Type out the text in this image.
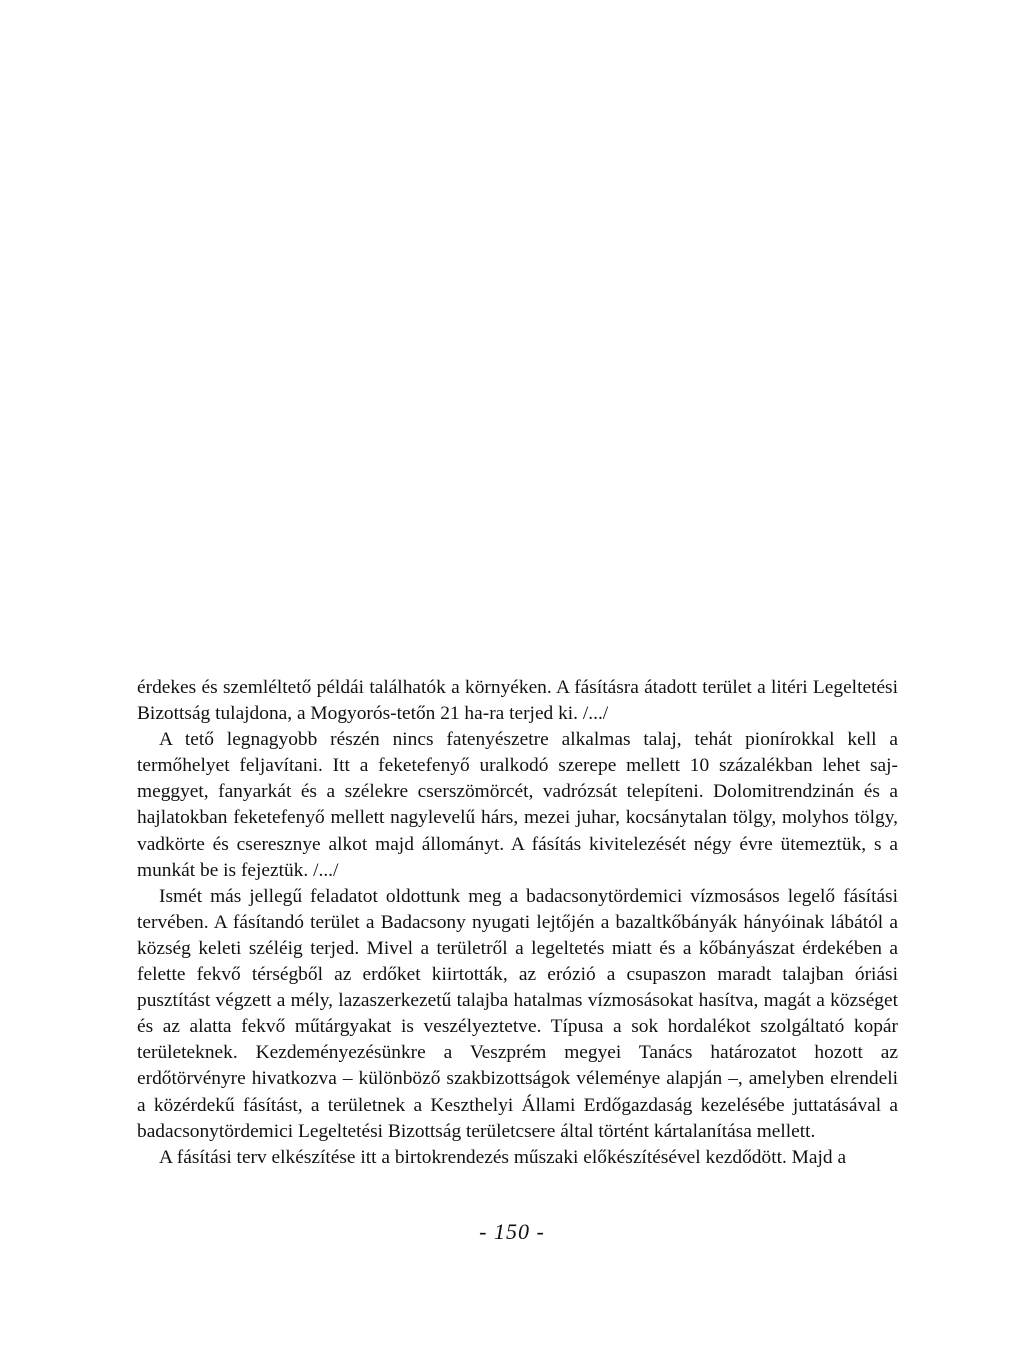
érdekes és szemléltető példái találhatók a környéken. A fásításra átadott terület a litéri Legeltetési Bizottság tulajdona, a Mogyorós-tetőn 21 ha-ra terjed ki. /.../

A tető legnagyobb részén nincs fatenyészetre alkalmas talaj, tehát pionírokkal kell a termőhelyet feljavítani. Itt a feketefenyő uralkodó szerepe mellett 10 százalékban lehet sajmeggyet, fanyarkát és a szélekre cserszömörcét, vadrózsát telepíteni. Dolomitrendzinán és a hajlatokban feketefenyő mellett nagylevelű hárs, mezei juhar, kocsánytalan tölgy, molyhos tölgy, vadkörte és cseresznye alkot majd állományt. A fásítás kivitelezését négy évre ütemeztük, s a munkát be is fejeztük. /.../

Ismét más jellegű feladatot oldottunk meg a badacsonytördemici vízmosásos legelő fásítási tervében. A fásítandó terület a Badacsony nyugati lejtőjén a bazaltkőbányák hányóinak lábától a község keleti széléig terjed. Mivel a területről a legeltetés miatt és a kőbányászat érdekében a felette fekvő térségből az erdőket kiirtották, az erózió a csupaszon maradt talajban óriási pusztítást végzett a mély, lazaszerkezetű talajba hatalmas vízmosásokat hasítva, magát a községet és az alatta fekvő műtárgyakat is veszélyeztetve. Típusa a sok hordalékot szolgáltató kopár területeknek. Kezdeményezésünkre a Veszprém megyei Tanács határozatot hozott az erdőtörvényre hivatkozva – különböző szakbizottságok véleménye alapján –, amelyben elrendeli a közérdekű fásítást, a területnek a Keszthelyi Állami Erdőgazdaság kezelésébe juttatásával a badacsonytördemici Legeltetési Bizottság területcsere által történt kártalanítása mellett.

A fásítási terv elkészítése itt a birtokrendezés műszaki előkészítésével kezdődött. Majd a

- 150 -
